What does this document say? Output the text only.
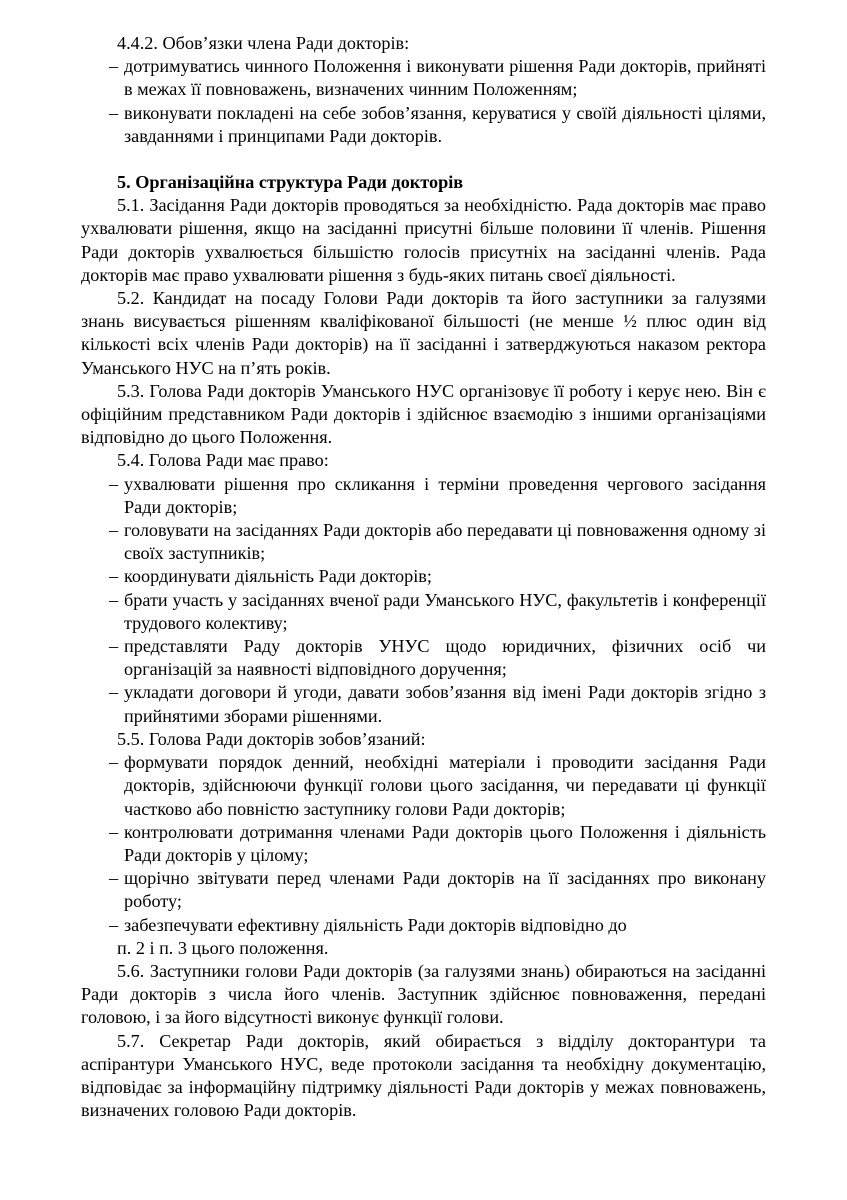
4.4.2. Обов’язки члена Ради докторів:

– дотримуватись чинного Положення і виконувати рішення Ради докторів, прийняті в межах її повноважень, визначених чинним Положенням;

– виконувати покладені на себе зобов’язання, керуватися у своїй діяльності цілями, завданнями і принципами Ради докторів.

5. Організаційна структура Ради докторів

5.1. Засідання Ради докторів проводяться за необхідністю. Рада докторів має право ухвалювати рішення, якщо на засіданні присутні більше половини її членів. Рішення Ради докторів ухвалюється більшістю голосів присутніх на засіданні членів. Рада докторів має право ухвалювати рішення з будь-яких питань своєї діяльності.

5.2. Кандидат на посаду Голови Ради докторів та його заступники за галузями знань висувається рішенням кваліфікованої більшості (не менше ½ плюс один від кількості всіх членів Ради докторів) на її засіданні і затверджуються наказом ректора Уманського НУС на п’ять років.

5.3. Голова Ради докторів Уманського НУС організовує її роботу і керує нею. Він є офіційним представником Ради докторів і здійснює взаємодію з іншими організаціями відповідно до цього Положення.

5.4. Голова Ради має право:

– ухвалювати рішення про скликання і терміни проведення чергового засідання Ради докторів;

– головувати на засіданнях Ради докторів або передавати ці повноваження одному зі своїх заступників;

– координувати діяльність Ради докторів;

– брати участь у засіданнях вченої ради Уманського НУС, факультетів і конференції трудового колективу;

– представляти Раду докторів УНУС щодо юридичних, фізичних осіб чи організацій за наявності відповідного доручення;

– укладати договори й угоди, давати зобов’язання від імені Ради докторів згідно з прийнятими зборами рішеннями.

5.5. Голова Ради докторів зобов’язаний:

– формувати порядок денний, необхідні матеріали і проводити засідання Ради докторів, здійснюючи функції голови цього засідання, чи передавати ці функції частково або повністю заступнику голови Ради докторів;

– контролювати дотримання членами Ради докторів цього Положення і діяльність Ради докторів у цілому;

– щорічно звітувати перед членами Ради докторів на її засіданнях про виконану роботу;

– забезпечувати ефективну діяльність Ради докторів відповідно до

п. 2 і п. 3 цього положення.

5.6. Заступники голови Ради докторів (за галузями знань) обираються на засіданні Ради докторів з числа його членів. Заступник здійснює повноваження, передані головою, і за його відсутності виконує функції голови.

5.7. Секретар Ради докторів, який обирається з відділу докторантури та аспірантури Уманського НУС, веде протоколи засідання та необхідну документацію, відповідає за інформаційну підтримку діяльності Ради докторів у межах повноважень, визначених головою Ради докторів.
